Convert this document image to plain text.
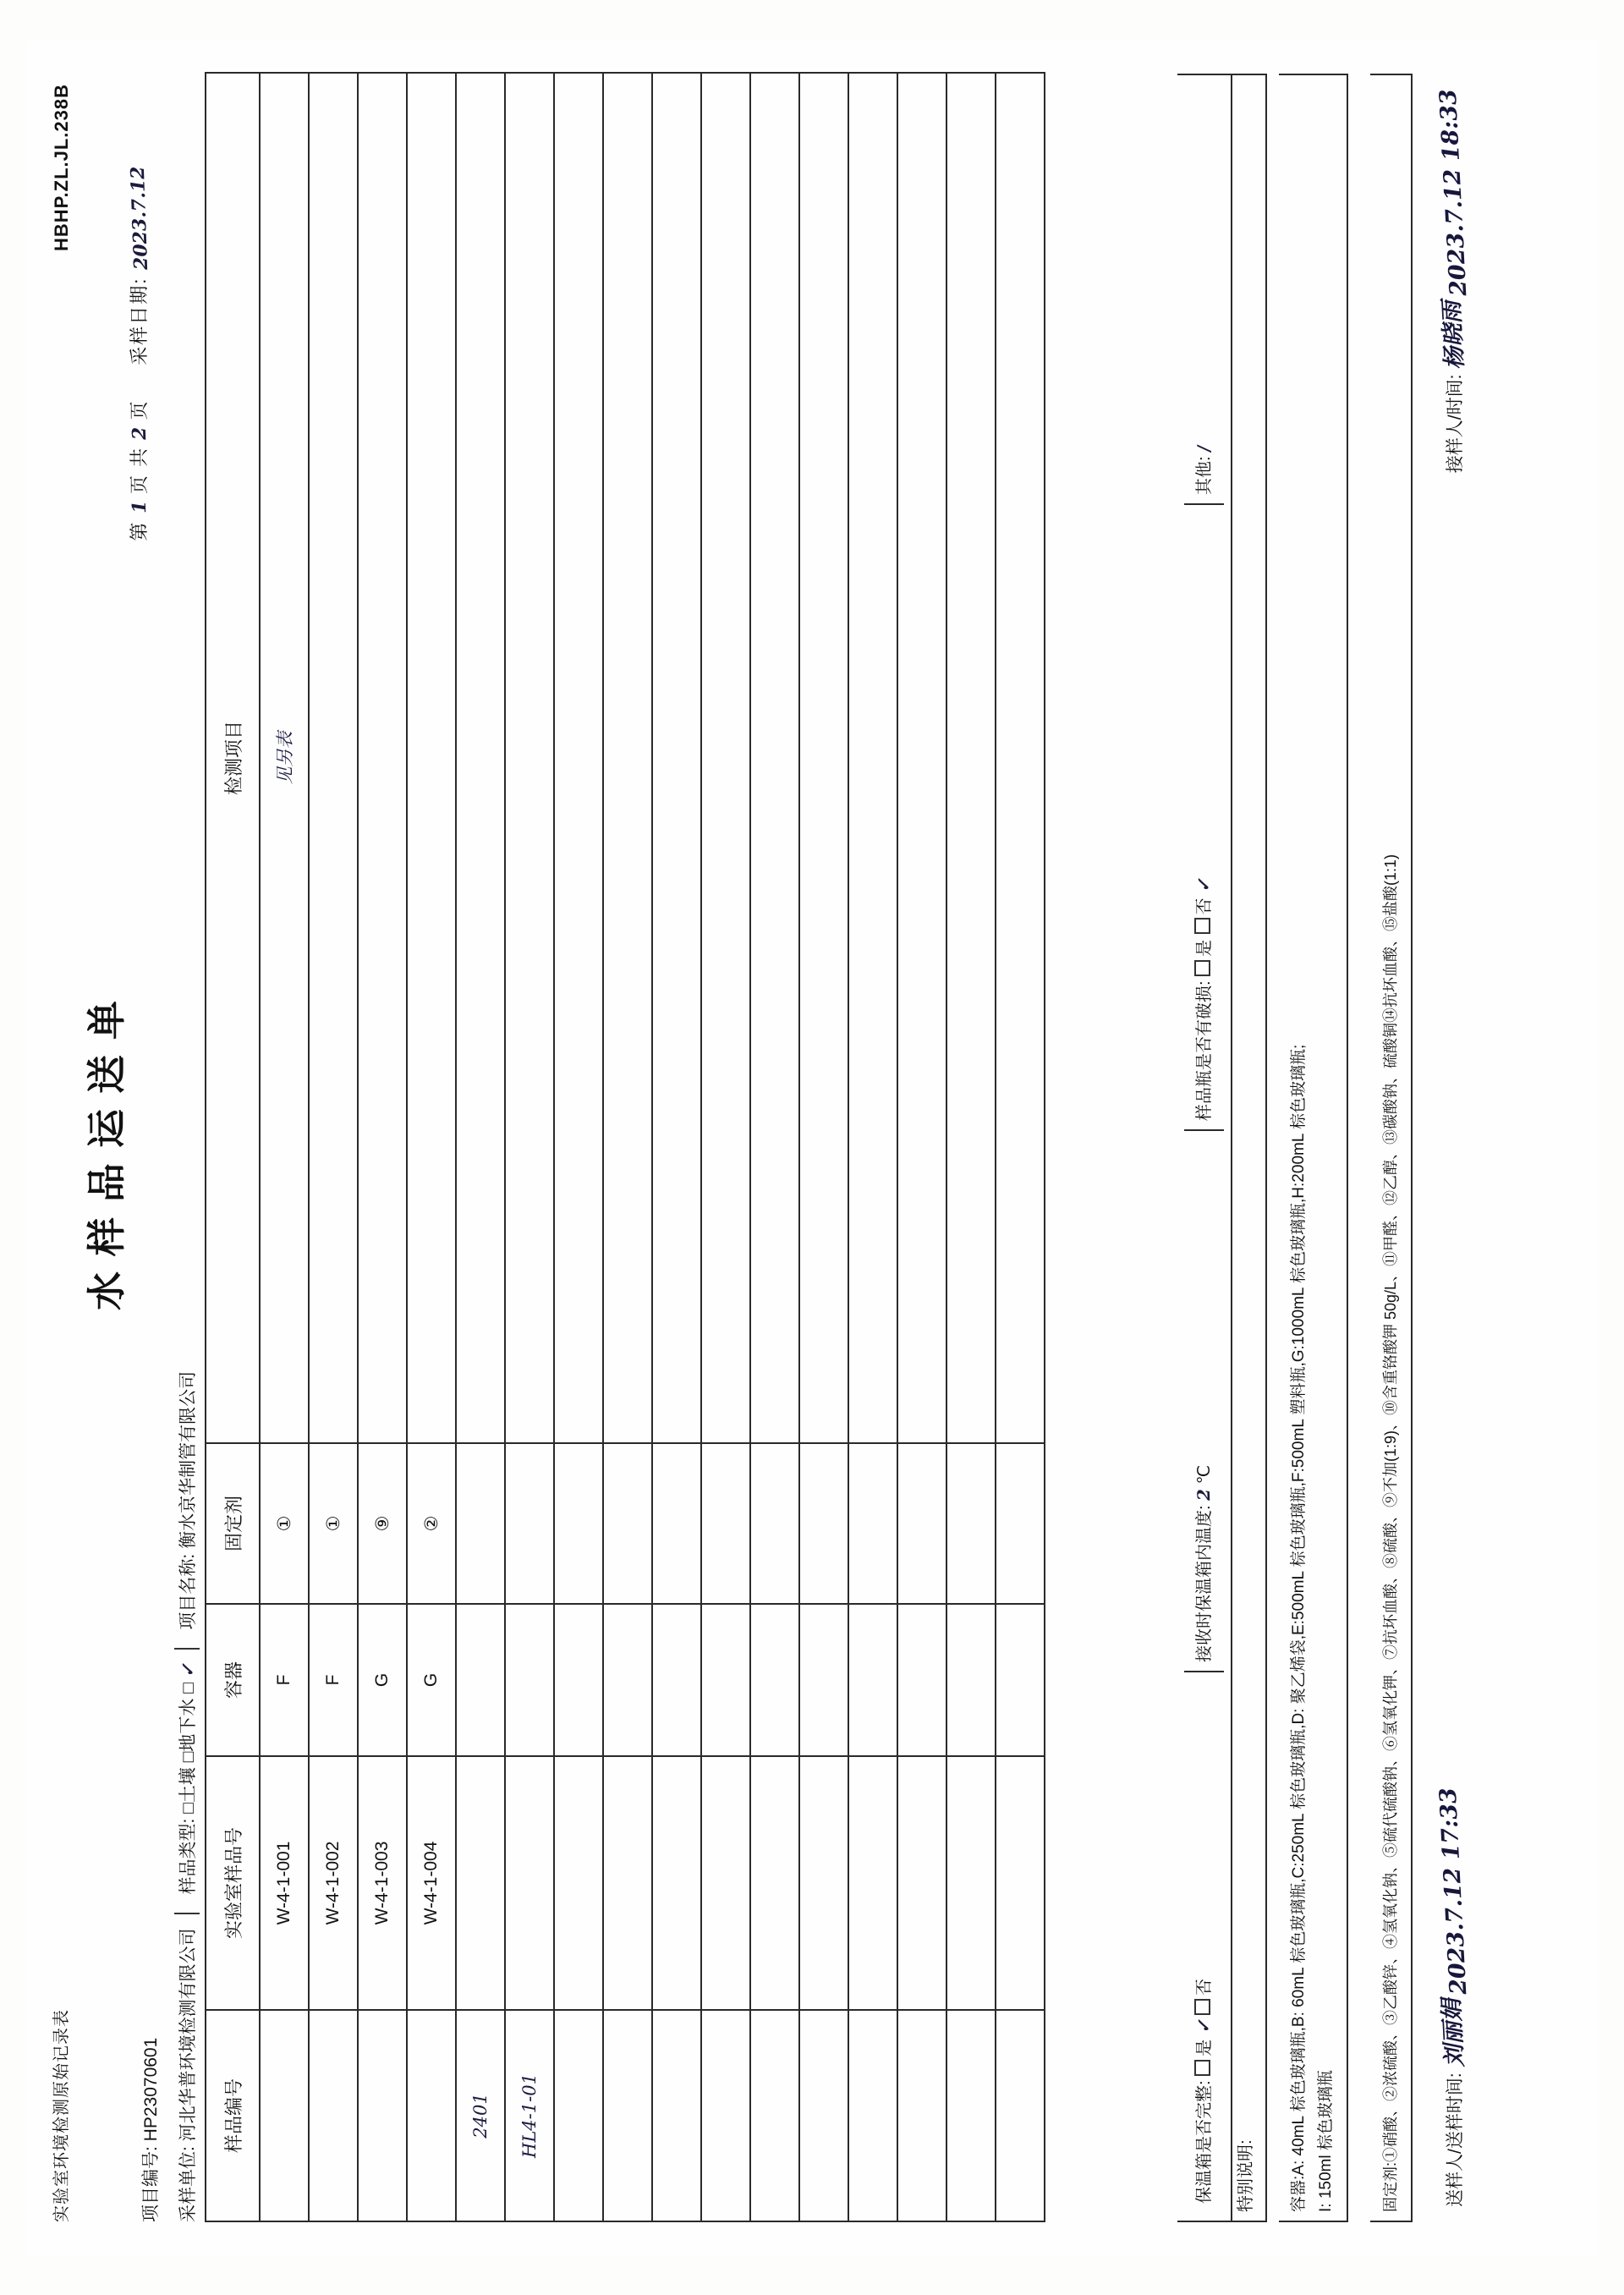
实验室环境检测原始记录表
水样品运送单
HBHP.ZL.JL.238B
第 1 页 共 2 页     采样日期: 2023.7.12
项目编号: HP23070601
采样单位: 河北华普环境检测有限公司 样品类型: □土壤 □地下水 □ ✓ 项目名称: 衡水京华制管有限公司
样品编号	实验室样品号	容器	固定剂	检测项目
	W-4-1-001	F	①	见另表
	W-4-1-002	F	①	
	W-4-1-003	G	⑨	
	W-4-1-004	G	②	
2401				
HL4-1-01				

					保温箱是否完整: 是 ✓ 否
接收时保温箱内温度: 2 ℃
样品瓶是否有破损: 是 否 ✓
其他: /
特别说明:	容器:A: 40mL 棕色玻璃瓶,B: 60mL 棕色玻璃瓶,C:250mL 棕色玻璃瓶,D: 聚乙烯袋,E:500mL 棕色玻璃瓶,F:500mL 塑料瓶,G:1000mL 棕色玻璃瓶,H:200mL 棕色玻璃瓶; I: 150ml 棕色玻璃瓶	固定剂:①硝酸、②浓硫酸、③乙酸锌、④氢氧化钠、⑤硫代硫酸钠、⑥氢氧化钾、⑦抗坏血酸、⑧硫酸、⑨不加(1:9)、⑩含重铬酸钾 50g/L、⑪甲醛、⑫乙醇、⑬碳酸钠、硫酸铜⑭抗坏血酸、⑮盐酸(1:1)	送样人/送样时间: 刘丽娟 2023.7.12 17:33
接样人/时间: 杨晓雨 2023.7.12 18:33
